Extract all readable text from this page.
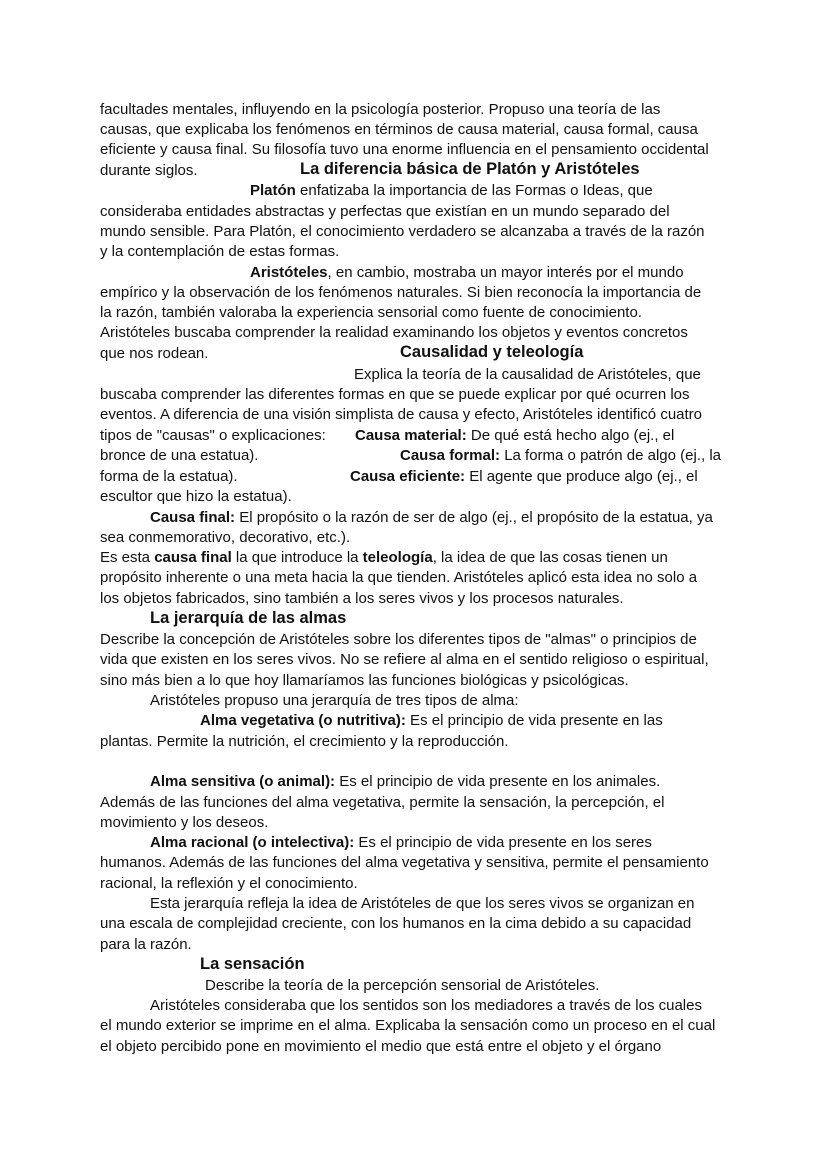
facultades mentales, influyendo en la psicología posterior. Propuso una teoría de las
causas, que explicaba los fenómenos en términos de causa material, causa formal, causa
eficiente y causa final. Su filosofía tuvo una enorme influencia en el pensamiento occidental
durante siglos.	La diferencia básica de Platón y Aristóteles
Platón enfatizaba la importancia de las Formas o Ideas, que
consideraba entidades abstractas y perfectas que existían en un mundo separado del
mundo sensible. Para Platón, el conocimiento verdadero se alcanzaba a través de la razón
y la contemplación de estas formas.
Aristóteles, en cambio, mostraba un mayor interés por el mundo
empírico y la observación de los fenómenos naturales. Si bien reconocía la importancia de
la razón, también valoraba la experiencia sensorial como fuente de conocimiento.
Aristóteles buscaba comprender la realidad examinando los objetos y eventos concretos
que nos rodean.	Causalidad y teleología
Explica la teoría de la causalidad de Aristóteles, que
buscaba comprender las diferentes formas en que se puede explicar por qué ocurren los
eventos. A diferencia de una visión simplista de causa y efecto, Aristóteles identificó cuatro
tipos de "causas" o explicaciones: Causa material: De qué está hecho algo (ej., el
bronce de una estatua).	Causa formal: La forma o patrón de algo (ej., la
forma de la estatua).	Causa eficiente: El agente que produce algo (ej., el
escultor que hizo la estatua).
Causa final: El propósito o la razón de ser de algo (ej., el propósito de la estatua, ya
sea conmemorativo, decorativo, etc.).
Es esta causa final la que introduce la teleología, la idea de que las cosas tienen un
propósito inherente o una meta hacia la que tienden. Aristóteles aplicó esta idea no solo a
los objetos fabricados, sino también a los seres vivos y los procesos naturales.
La jerarquía de las almas
Describe la concepción de Aristóteles sobre los diferentes tipos de "almas" o principios de
vida que existen en los seres vivos. No se refiere al alma en el sentido religioso o espiritual,
sino más bien a lo que hoy llamaríamos las funciones biológicas y psicológicas.
Aristóteles propuso una jerarquía de tres tipos de alma:
Alma vegetativa (o nutritiva): Es el principio de vida presente en las
plantas. Permite la nutrición, el crecimiento y la reproducción.
Alma sensitiva (o animal): Es el principio de vida presente en los animales.
Además de las funciones del alma vegetativa, permite la sensación, la percepción, el
movimiento y los deseos.
Alma racional (o intelectiva): Es el principio de vida presente en los seres
humanos. Además de las funciones del alma vegetativa y sensitiva, permite el pensamiento
racional, la reflexión y el conocimiento.
Esta jerarquía refleja la idea de Aristóteles de que los seres vivos se organizan en
una escala de complejidad creciente, con los humanos en la cima debido a su capacidad
para la razón.
La sensación
Describe la teoría de la percepción sensorial de Aristóteles.
Aristóteles consideraba que los sentidos son los mediadores a través de los cuales
el mundo exterior se imprime en el alma. Explicaba la sensación como un proceso en el cual
el objeto percibido pone en movimiento el medio que está entre el objeto y el órgano
